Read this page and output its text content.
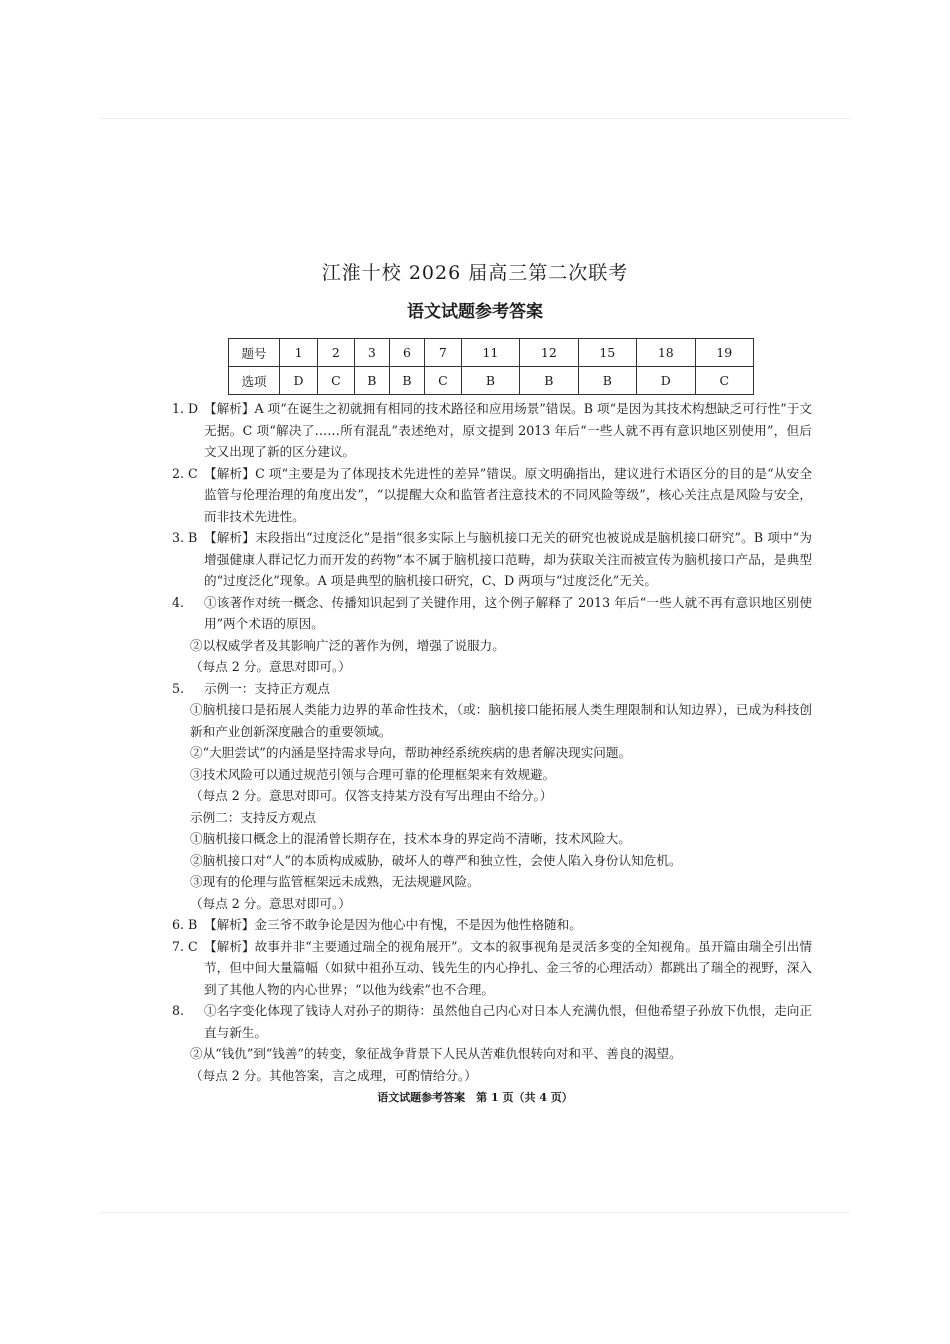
江淮十校 2026 届高三第二次联考
语文试题参考答案
题号	1	2	3	6	7	11	12	15	18	19
选项	D	C	B	B	C	B	B	B	D	C
1. D 【解析】A 项“在诞生之初就拥有相同的技术路径和应用场景”错误。B 项“是因为其技术构想缺乏可行性”于文无据。C 项“解决了……所有混乱”表述绝对，原文提到 2013 年后“一些人就不再有意识地区别使用”，但后文又出现了新的区分建议。
2. C 【解析】C 项“主要是为了体现技术先进性的差异”错误。原文明确指出，建议进行术语区分的目的是“从安全监管与伦理治理的角度出发”，“以提醒大众和监管者注意技术的不同风险等级”，核心关注点是风险与安全，而非技术先进性。
3. B 【解析】末段指出“过度泛化”是指“很多实际上与脑机接口无关的研究也被说成是脑机接口研究”。B 项中“为增强健康人群记忆力而开发的药物”本不属于脑机接口范畴，却为获取关注而被宣传为脑机接口产品，是典型的“过度泛化”现象。A 项是典型的脑机接口研究，C、D 两项与“过度泛化”无关。
4.	①该著作对统一概念、传播知识起到了关键作用，这个例子解释了 2013 年后“一些人就不再有意识地区别使用”两个术语的原因。
②以权威学者及其影响广泛的著作为例，增强了说服力。
（每点 2 分。意思对即可。）
5.	示例一：支持正方观点
①脑机接口是拓展人类能力边界的革命性技术，（或：脑机接口能拓展人类生理限制和认知边界），已成为科技创新和产业创新深度融合的重要领域。
②“大胆尝试”的内涵是坚持需求导向，帮助神经系统疾病的患者解决现实问题。
③技术风险可以通过规范引领与合理可靠的伦理框架来有效规避。
（每点 2 分。意思对即可。仅答支持某方没有写出理由不给分。）
示例二：支持反方观点
①脑机接口概念上的混淆曾长期存在，技术本身的界定尚不清晰，技术风险大。
②脑机接口对“人”的本质构成威胁，破坏人的尊严和独立性，会使人陷入身份认知危机。
③现有的伦理与监管框架远未成熟，无法规避风险。
（每点 2 分。意思对即可。）
6. B 【解析】金三爷不敢争论是因为他心中有愧，不是因为他性格随和。
7. C 【解析】故事并非“主要通过瑞全的视角展开”。文本的叙事视角是灵活多变的全知视角。虽开篇由瑞全引出情节，但中间大量篇幅（如狱中祖孙互动、钱先生的内心挣扎、金三爷的心理活动）都跳出了瑞全的视野，深入到了其他人物的内心世界；“以他为线索”也不合理。
8.	①名字变化体现了钱诗人对孙子的期待：虽然他自己内心对日本人充满仇恨，但他希望子孙放下仇恨，走向正直与新生。
②从“钱仇”到“钱善”的转变，象征战争背景下人民从苦难仇恨转向对和平、善良的渴望。
（每点 2 分。其他答案，言之成理，可酌情给分。）
语文试题参考答案　第 1 页（共 4 页）
